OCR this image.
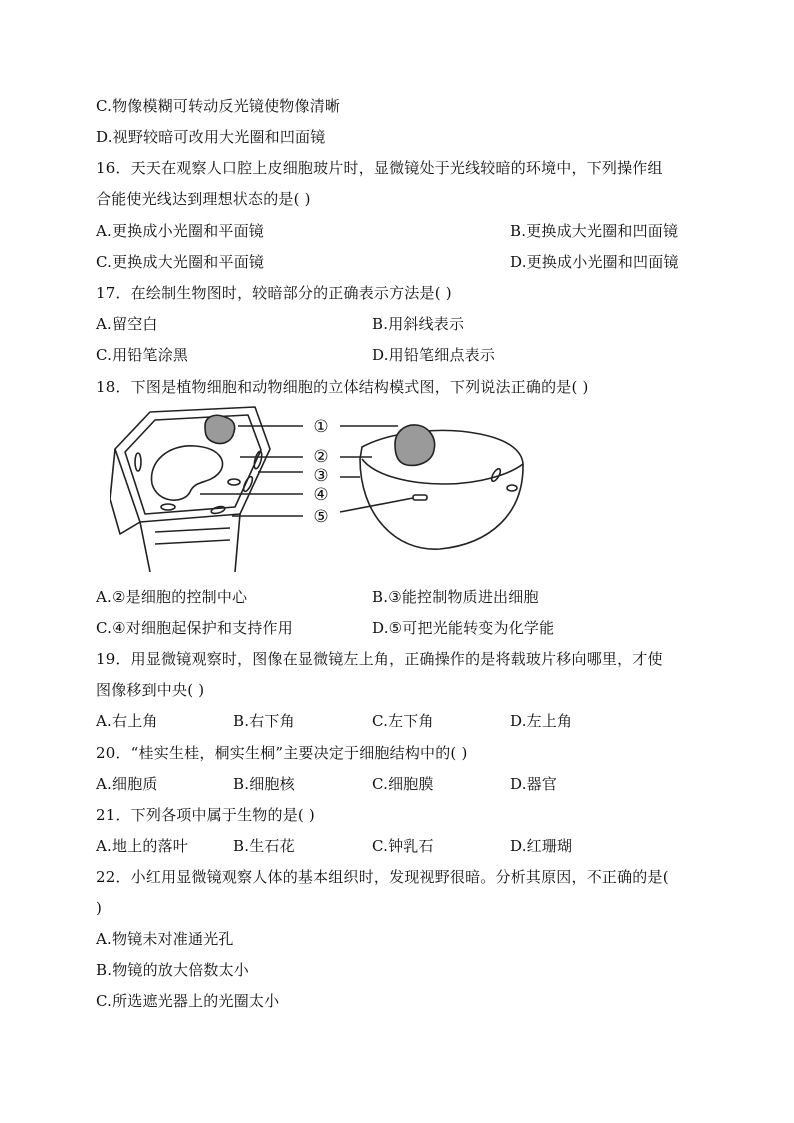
C.物像模糊可转动反光镜使物像清晰
D.视野较暗可改用大光圈和凹面镜
16．天天在观察人口腔上皮细胞玻片时，显微镜处于光线较暗的环境中，下列操作组
合能使光线达到理想状态的是( )
A.更换成小光圈和平面镜	B.更换成大光圈和凹面镜
C.更换成大光圈和平面镜	D.更换成小光圈和凹面镜
17．在绘制生物图时，较暗部分的正确表示方法是( )
A.留空白	B.用斜线表示
C.用铅笔涂黑	D.用铅笔细点表示
18．下图是植物细胞和动物细胞的立体结构模式图，下列说法正确的是( )
①
②
③
④
⑤
A.②是细胞的控制中心	B.③能控制物质进出细胞
C.④对细胞起保护和支持作用	D.⑤可把光能转变为化学能
19．用显微镜观察时，图像在显微镜左上角，正确操作的是将载玻片移向哪里，才使
图像移到中央( )
A.右上角	B.右下角	C.左下角	D.左上角
20．“桂实生桂，桐实生桐”主要决定于细胞结构中的( )
A.细胞质	B.细胞核	C.细胞膜	D.器官
21．下列各项中属于生物的是( )
A.地上的落叶	B.生石花	C.钟乳石	D.红珊瑚
22．小红用显微镜观察人体的基本组织时，发现视野很暗。分析其原因，不正确的是(
)
A.物镜未对准通光孔
B.物镜的放大倍数太小
C.所选遮光器上的光圈太小
